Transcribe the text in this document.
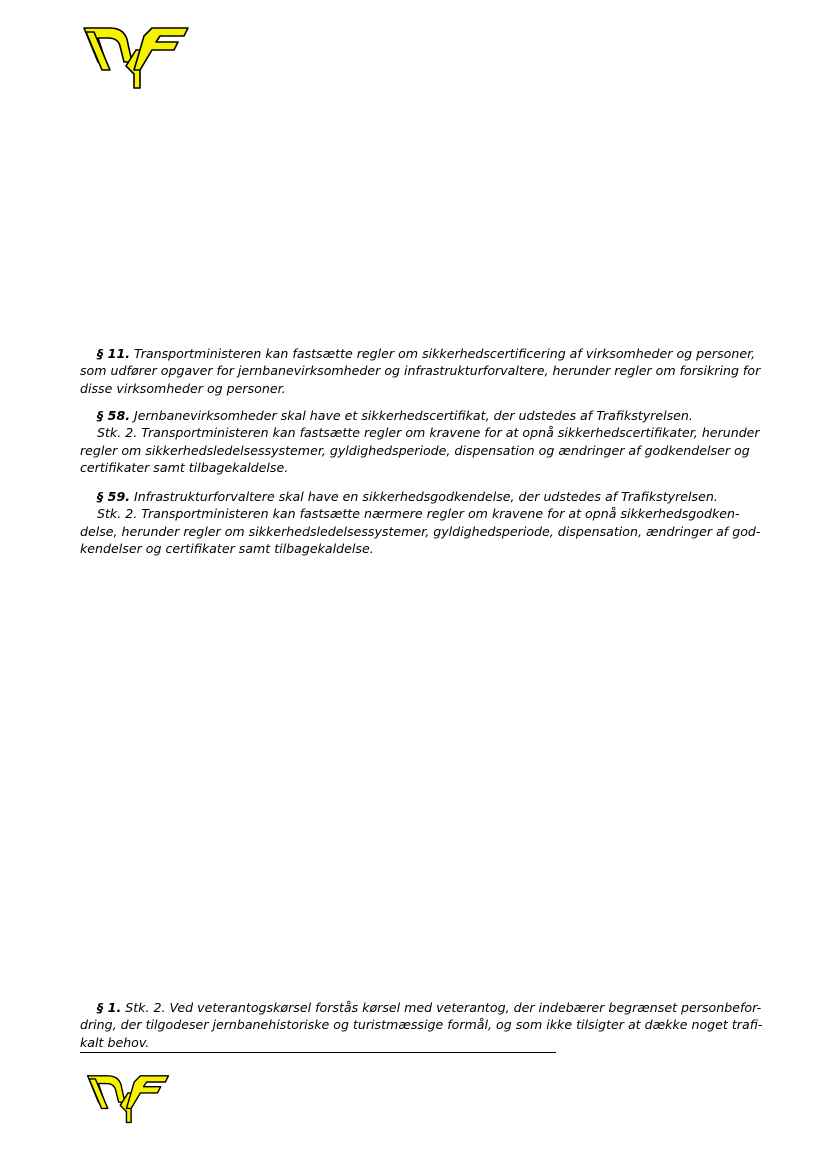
§ 11. Transportministeren kan fastsætte regler om sikkerhedscertificering af virksomheder og personer,
som udfører opgaver for jernbanevirksomheder og infrastrukturforvaltere, herunder regler om forsikring for
disse virksomheder og personer.
§ 58. Jernbanevirksomheder skal have et sikkerhedscertifikat, der udstedes af Trafikstyrelsen.
Stk. 2. Transportministeren kan fastsætte regler om kravene for at opnå sikkerhedscertifikater, herunder
regler om sikkerhedsledelsessystemer, gyldighedsperiode, dispensation og ændringer af godkendelser og
certifikater samt tilbagekaldelse.
§ 59. Infrastrukturforvaltere skal have en sikkerhedsgodkendelse, der udstedes af Trafikstyrelsen.
Stk. 2. Transportministeren kan fastsætte nærmere regler om kravene for at opnå sikkerhedsgodken-
delse, herunder regler om sikkerhedsledelsessystemer, gyldighedsperiode, dispensation, ændringer af god-
kendelser og certifikater samt tilbagekaldelse.
§ 1. Stk. 2. Ved veterantogskørsel forstås kørsel med veterantog, der indebærer begrænset personbefor-
dring, der tilgodeser jernbanehistoriske og turistmæssige formål, og som ikke tilsigter at dække noget trafi-
kalt behov.
